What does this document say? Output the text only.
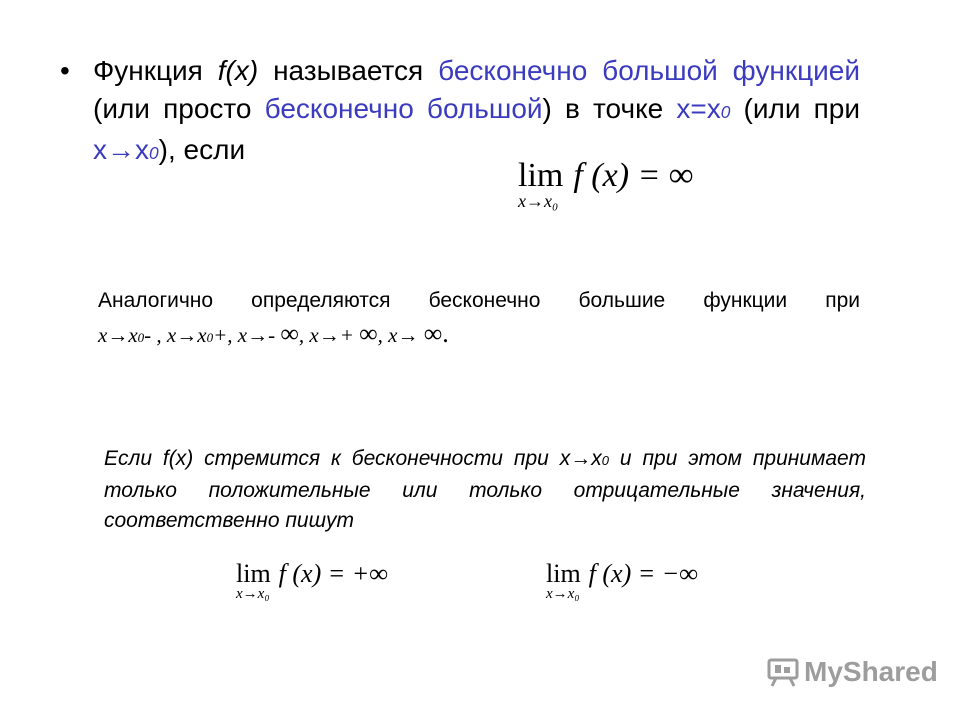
• Функция f(x) называется бесконечно большой функцией (или просто бесконечно большой) в точке x=x0 (или при x→x0), если
lim
x→x₀
f (x) = ∞
Аналогично определяются бесконечно большие функции при
x→x0- , x→x0+, x→- ∞, x→+ ∞, x→ ∞.
Если f(x) стремится к бесконечности при x→x0 и при этом принимает только положительные или только отрицательные значения, соответственно пишут
lim
x→x₀
f (x) = +∞	lim
x→x₀
f (x) = −∞
MyShared
